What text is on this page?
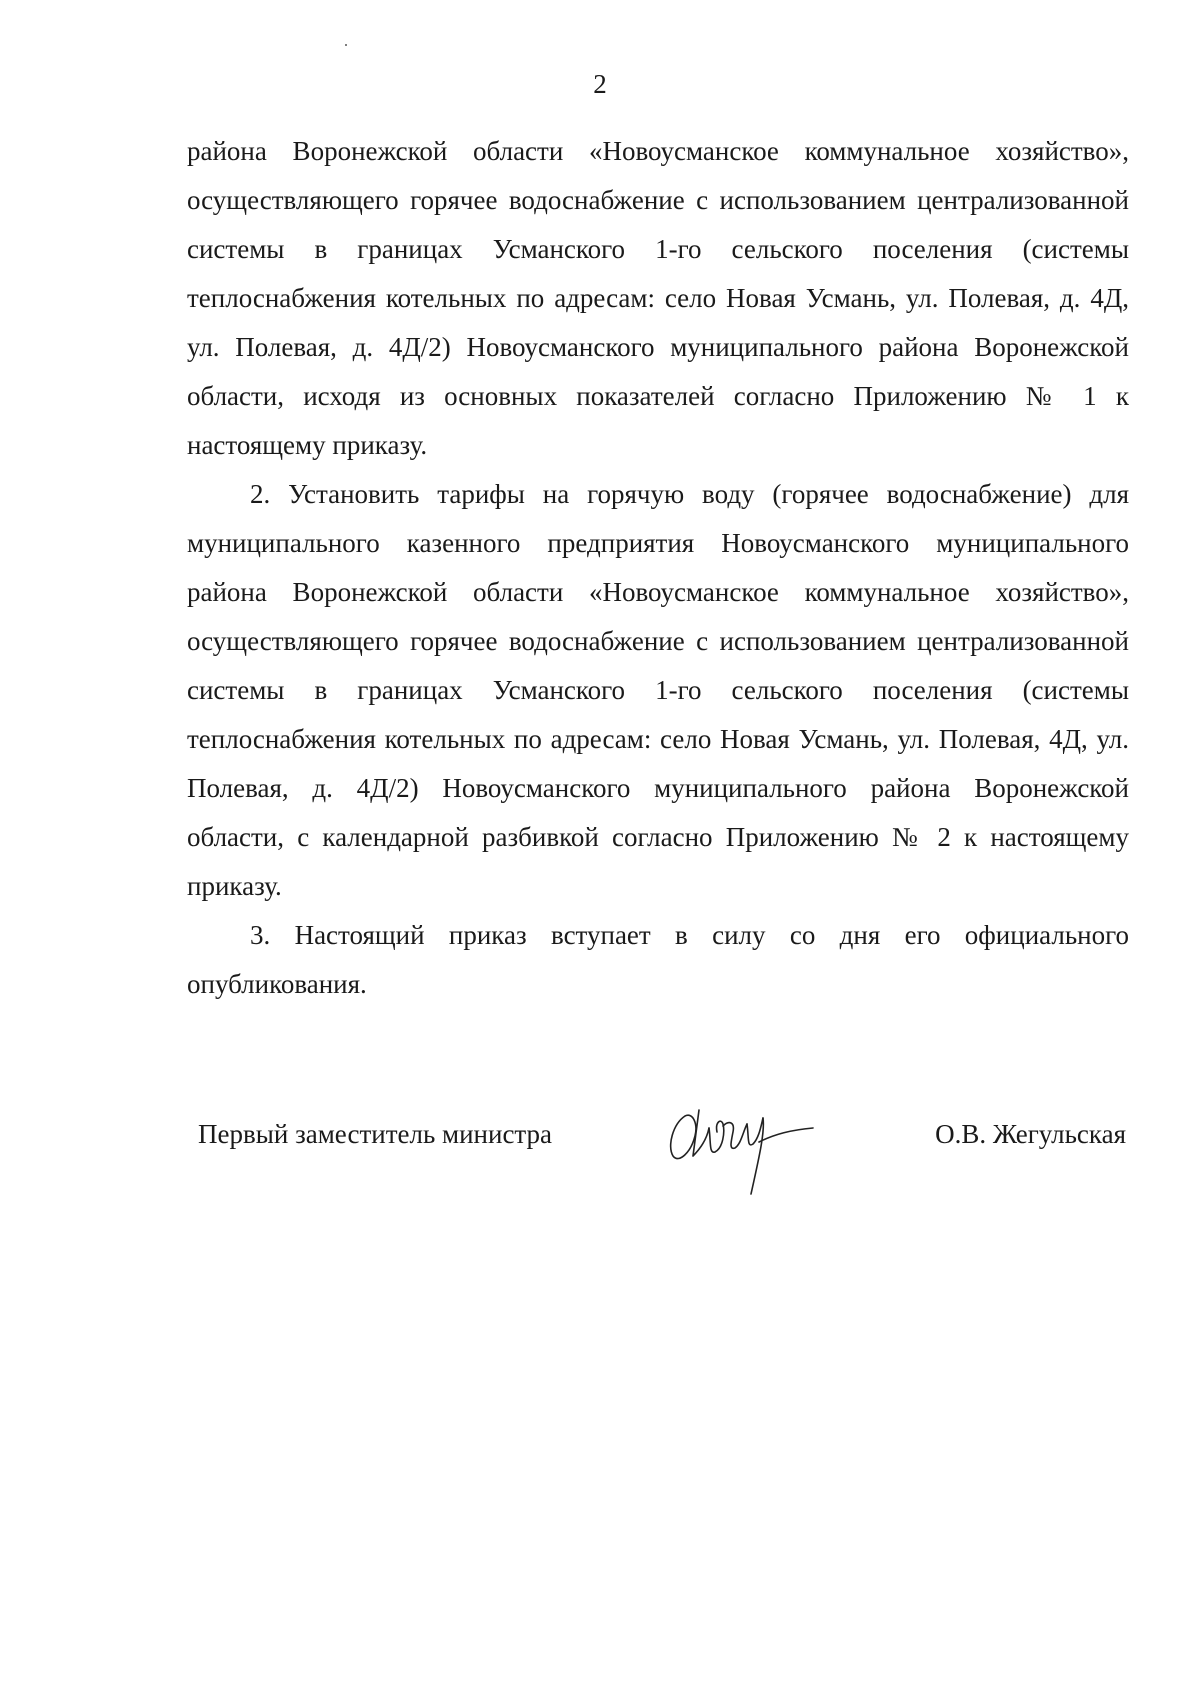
2

района Воронежской области «Новоусманское коммунальное хозяйство», осуществляющего горячее водоснабжение с использованием централизованной системы в границах Усманского 1-го сельского поселения (системы теплоснабжения котельных по адресам: село Новая Усмань, ул. Полевая, д. 4Д, ул. Полевая, д. 4Д/2) Новоусманского муниципального района Воронежской области, исходя из основных показателей согласно Приложению № 1 к настоящему приказу.

2. Установить тарифы на горячую воду (горячее водоснабжение) для муниципального казенного предприятия Новоусманского муниципального района Воронежской области «Новоусманское коммунальное хозяйство», осуществляющего горячее водоснабжение с использованием централизованной системы в границах Усманского 1-го сельского поселения (системы теплоснабжения котельных по адресам: село Новая Усмань, ул. Полевая, 4Д, ул. Полевая, д. 4Д/2) Новоусманского муниципального района Воронежской области, с календарной разбивкой согласно Приложению № 2 к настоящему приказу.

3. Настоящий приказ вступает в силу со дня его официального опубликования.

Первый заместитель министра	О.В. Жегульская
